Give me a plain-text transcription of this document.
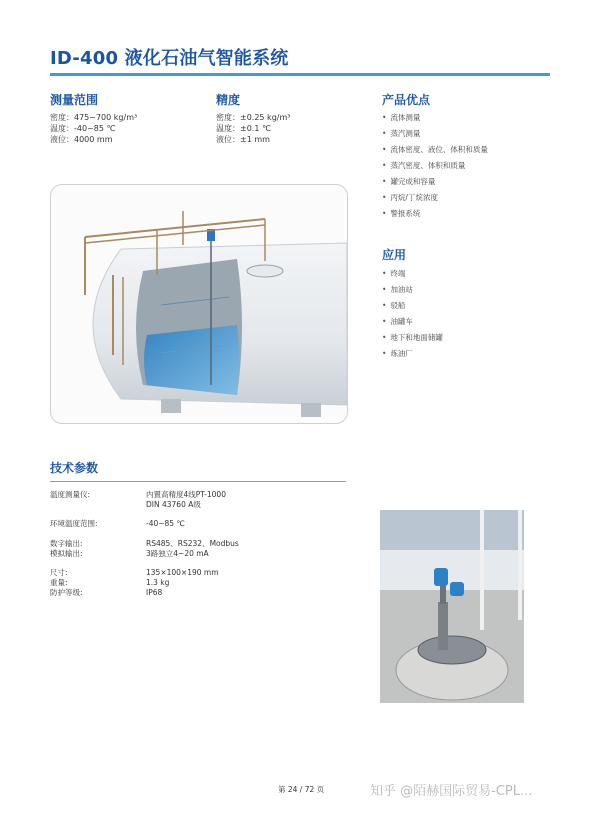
ID-400 液化石油气智能系统
测量范围
密度：475~700 kg/m³
温度：-40~85 ℃
液位：4000 mm
精度
密度：±0.25 kg/m³
温度：±0.1 ℃
液位：±1 mm
产品优点
• 流体测量
• 蒸汽测量
• 流体密度、液位、体积和质量
• 蒸汽密度、体积和质量
• 罐完成和容量
• 丙烷/丁烷浓度
• 警报系统
应用
• 终端
• 加油站
• 驳船
• 油罐车
• 地下和地面储罐
• 炼油厂
技术参数
温度测量仪:	内置高精度4线PT-1000
DIN 43760 A级
环境温度范围:	-40~85 ℃
数字输出:	RS485、RS232、Modbus
模拟输出:	3路独立4~20 mA
尺寸:	135×100×190 mm
重量:	1.3 kg
防护等级:	IP68
第 24 / 72 页	知乎 @陌赫国际贸易-CPL...
